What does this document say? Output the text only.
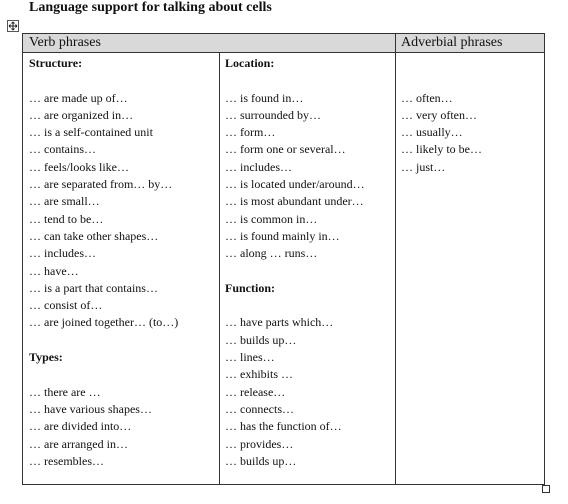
Language support for talking about cells
Verb phrases	Adverbial phrases
Structure:
… are made up of…
… are organized in…
… is a self-contained unit
… contains…
… feels/looks like…
… are separated from… by…
… are small…
… tend to be…
… can take other shapes…
… includes…
… have…
… is a part that contains…
… consist of…
… are joined together… (to…)
Types:
… there are …
… have various shapes…
… are divided into…
… are arranged in…
… resembles…
Location:
… is found in…
… surrounded by…
… form…
… form one or several…
… includes…
… is located under/around…
… is most abundant under…
… is common in…
… is found mainly in…
… along … runs…
Function:
… have parts which…
… builds up…
… lines…
… exhibits …
… release…
… connects…
… has the function of…
… provides…
… builds up…
… often…
… very often…
… usually…
… likely to be…
… just…
